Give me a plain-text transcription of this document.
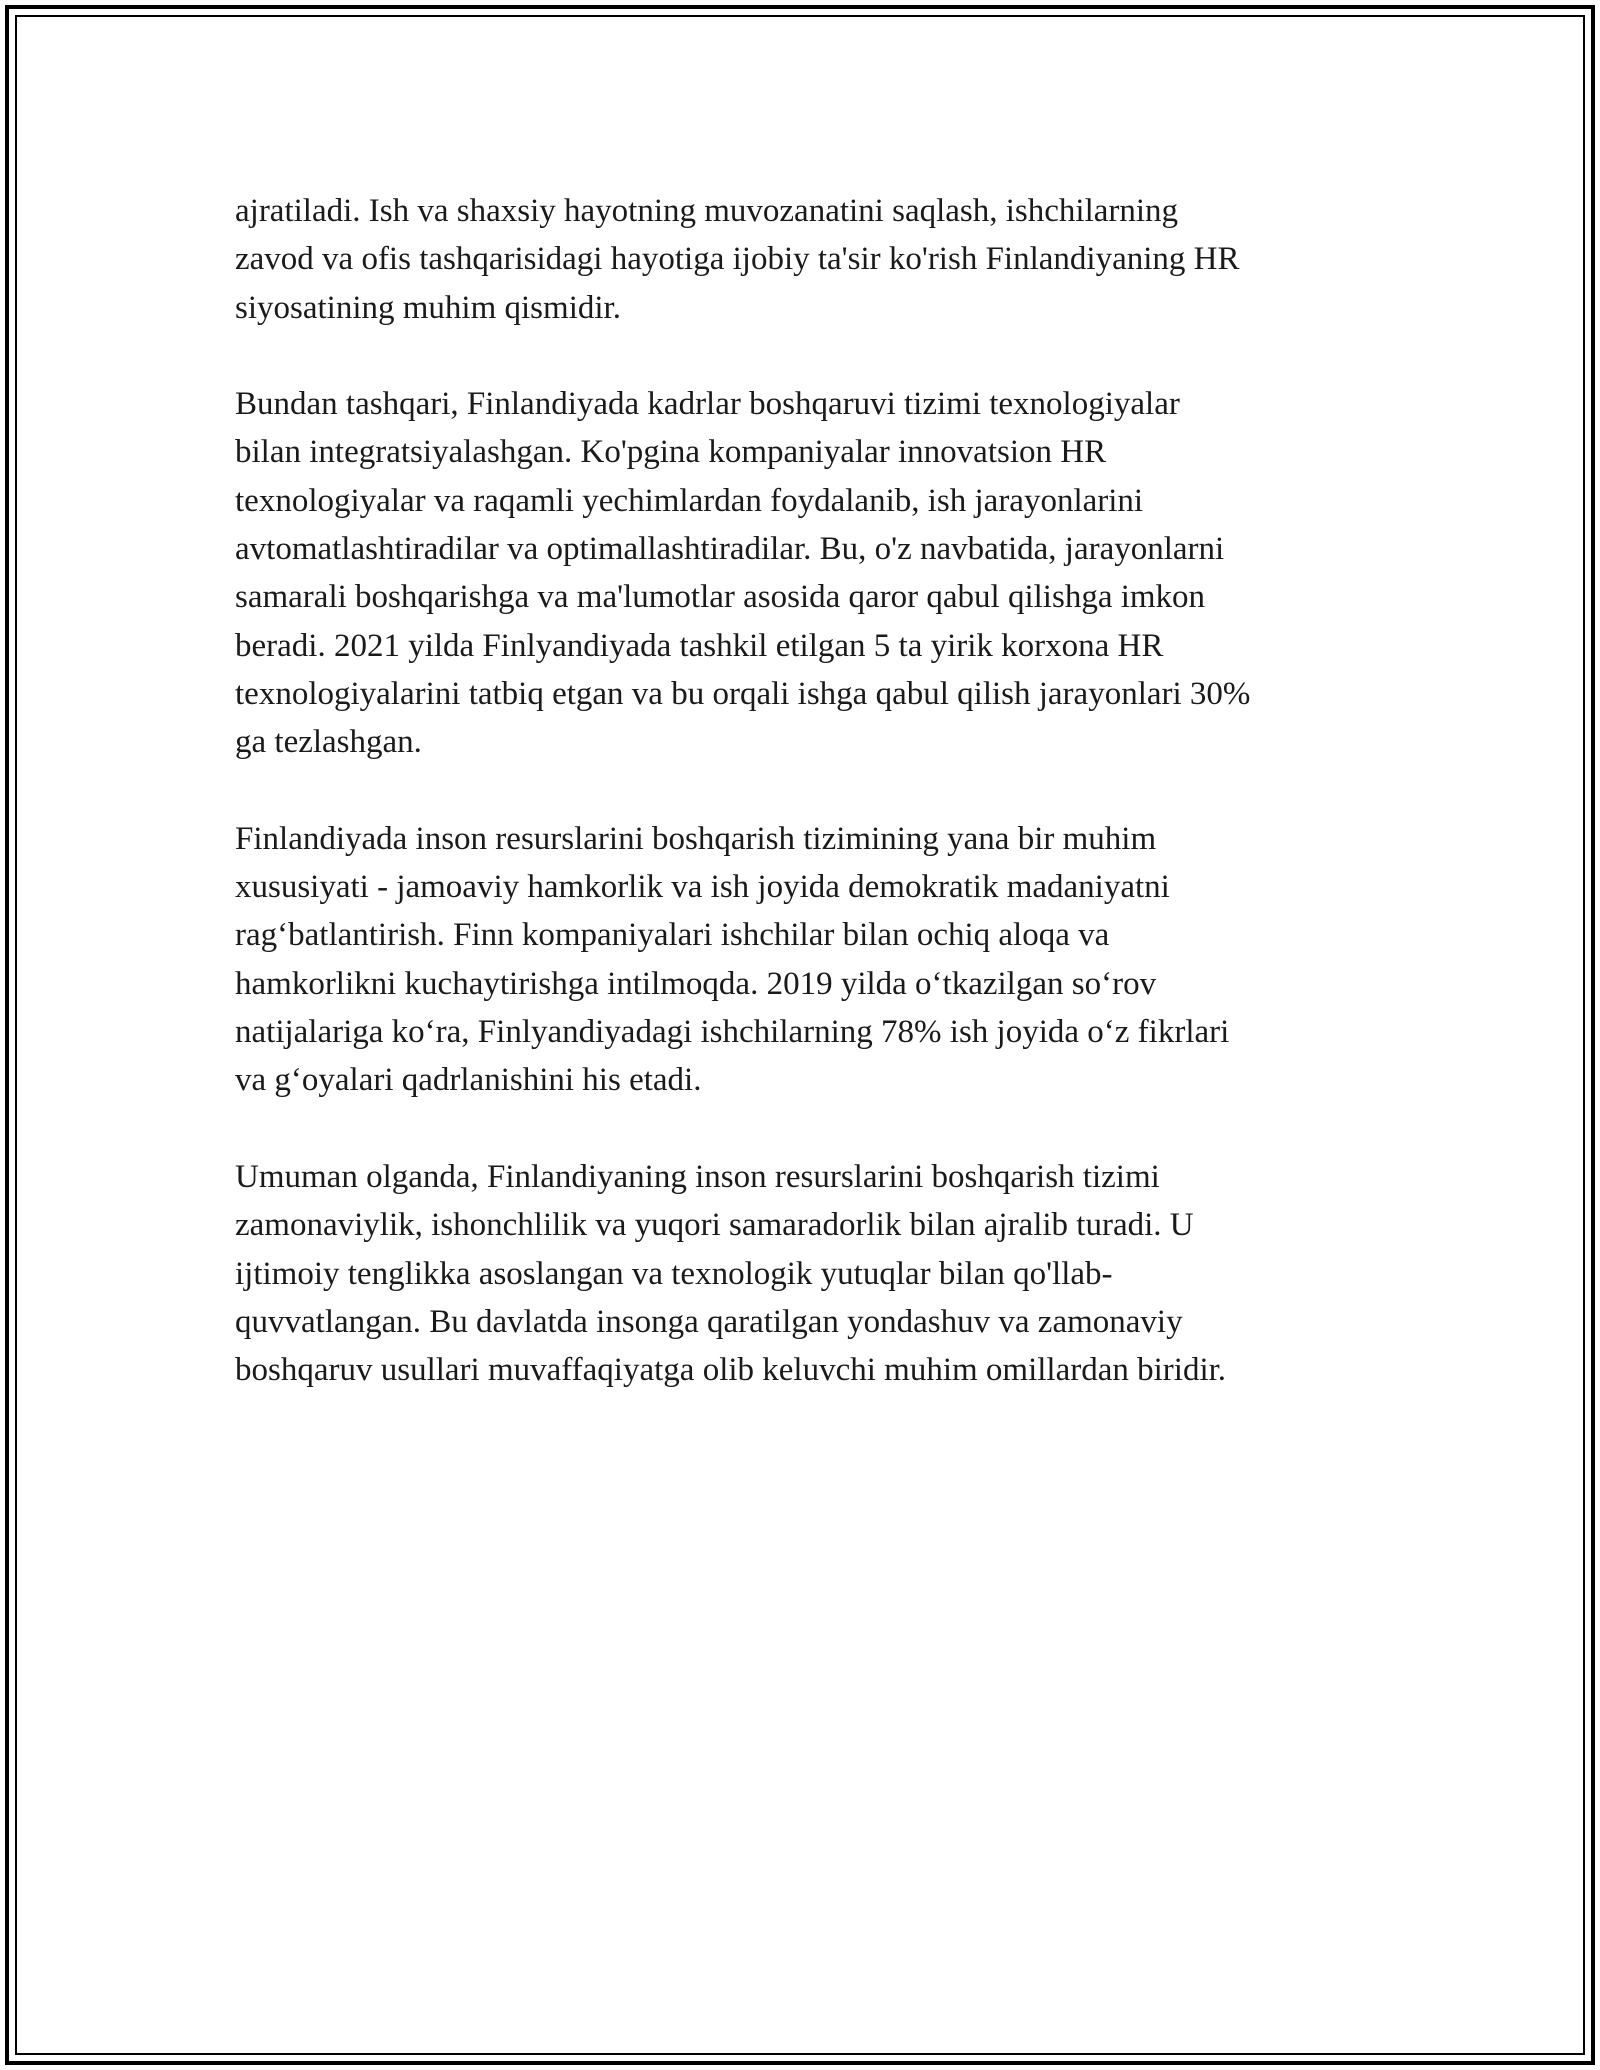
ajratiladi. Ish va shaxsiy hayotning muvozanatini saqlash, ishchilarning
zavod va ofis tashqarisidagi hayotiga ijobiy ta'sir ko'rish Finlandiyaning HR
siyosatining muhim qismidir.

Bundan tashqari, Finlandiyada kadrlar boshqaruvi tizimi texnologiyalar
bilan integratsiyalashgan. Ko'pgina kompaniyalar innovatsion HR
texnologiyalar va raqamli yechimlardan foydalanib, ish jarayonlarini
avtomatlashtiradilar va optimallashtiradilar. Bu, o'z navbatida, jarayonlarni
samarali boshqarishga va ma'lumotlar asosida qaror qabul qilishga imkon
beradi. 2021 yilda Finlyandiyada tashkil etilgan 5 ta yirik korxona HR
texnologiyalarini tatbiq etgan va bu orqali ishga qabul qilish jarayonlari 30%
ga tezlashgan.

Finlandiyada inson resurslarini boshqarish tizimining yana bir muhim
xususiyati - jamoaviy hamkorlik va ish joyida demokratik madaniyatni
rag‘batlantirish. Finn kompaniyalari ishchilar bilan ochiq aloqa va
hamkorlikni kuchaytirishga intilmoqda. 2019 yilda o‘tkazilgan so‘rov
natijalariga ko‘ra, Finlyandiyadagi ishchilarning 78% ish joyida o‘z fikrlari
va g‘oyalari qadrlanishini his etadi.

Umuman olganda, Finlandiyaning inson resurslarini boshqarish tizimi
zamonaviylik, ishonchlilik va yuqori samaradorlik bilan ajralib turadi. U
ijtimoiy tenglikka asoslangan va texnologik yutuqlar bilan qo'llab-
quvvatlangan. Bu davlatda insonga qaratilgan yondashuv va zamonaviy
boshqaruv usullari muvaffaqiyatga olib keluvchi muhim omillardan biridir.
